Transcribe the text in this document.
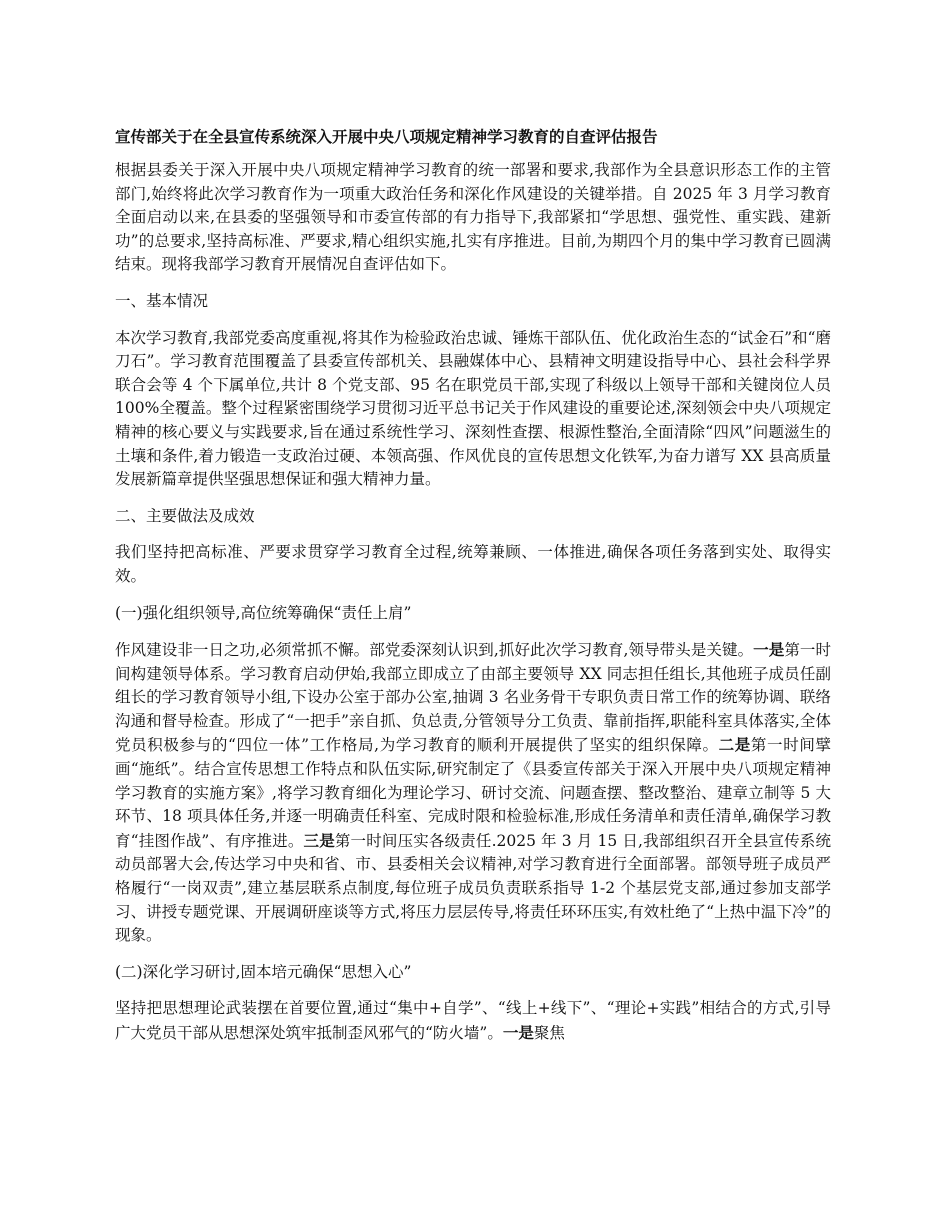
宣传部关于在全县宣传系统深入开展中央八项规定精神学习教育的自查评估报告

根据县委关于深入开展中央八项规定精神学习教育的统一部署和要求,我部作为全县意识形态工作的主管部门,始终将此次学习教育作为一项重大政治任务和深化作风建设的关键举措。自 2025 年 3 月学习教育全面启动以来,在县委的坚强领导和市委宣传部的有力指导下,我部紧扣“学思想、强党性、重实践、建新功”的总要求,坚持高标准、严要求,精心组织实施,扎实有序推进。目前,为期四个月的集中学习教育已圆满结束。现将我部学习教育开展情况自查评估如下。

一、基本情况

本次学习教育,我部党委高度重视,将其作为检验政治忠诚、锤炼干部队伍、优化政治生态的“试金石”和“磨刀石”。学习教育范围覆盖了县委宣传部机关、县融媒体中心、县精神文明建设指导中心、县社会科学界联合会等 4 个下属单位,共计 8 个党支部、95 名在职党员干部,实现了科级以上领导干部和关键岗位人员 100%全覆盖。整个过程紧密围绕学习贯彻习近平总书记关于作风建设的重要论述,深刻领会中央八项规定精神的核心要义与实践要求,旨在通过系统性学习、深刻性查摆、根源性整治,全面清除“四风”问题滋生的土壤和条件,着力锻造一支政治过硬、本领高强、作风优良的宣传思想文化铁军,为奋力谱写 XX 县高质量发展新篇章提供坚强思想保证和强大精神力量。

二、主要做法及成效

我们坚持把高标准、严要求贯穿学习教育全过程,统筹兼顾、一体推进,确保各项任务落到实处、取得实效。

(一)强化组织领导,高位统筹确保“责任上肩”

作风建设非一日之功,必须常抓不懈。部党委深刻认识到,抓好此次学习教育,领导带头是关键。一是第一时间构建领导体系。学习教育启动伊始,我部立即成立了由部主要领导 XX 同志担任组长,其他班子成员任副组长的学习教育领导小组,下设办公室于部办公室,抽调 3 名业务骨干专职负责日常工作的统筹协调、联络沟通和督导检查。形成了“一把手”亲自抓、负总责,分管领导分工负责、靠前指挥,职能科室具体落实,全体党员积极参与的“四位一体”工作格局,为学习教育的顺利开展提供了坚实的组织保障。二是第一时间擘画“施纸”。结合宣传思想工作特点和队伍实际,研究制定了《县委宣传部关于深入开展中央八项规定精神学习教育的实施方案》,将学习教育细化为理论学习、研讨交流、问题查摆、整改整治、建章立制等 5 大环节、18 项具体任务,并逐一明确责任科室、完成时限和检验标准,形成任务清单和责任清单,确保学习教育“挂图作战”、有序推进。三是第一时间压实各级责任.2025 年 3 月 15 日,我部组织召开全县宣传系统动员部署大会,传达学习中央和省、市、县委相关会议精神,对学习教育进行全面部署。部领导班子成员严格履行“一岗双责”,建立基层联系点制度,每位班子成员负责联系指导 1-2 个基层党支部,通过参加支部学习、讲授专题党课、开展调研座谈等方式,将压力层层传导,将责任环环压实,有效杜绝了“上热中温下冷”的现象。

(二)深化学习研讨,固本培元确保“思想入心”

坚持把思想理论武装摆在首要位置,通过“集中+自学”、“线上+线下”、“理论+实践”相结合的方式,引导广大党员干部从思想深处筑牢抵制歪风邪气的“防火墙”。一是聚焦
